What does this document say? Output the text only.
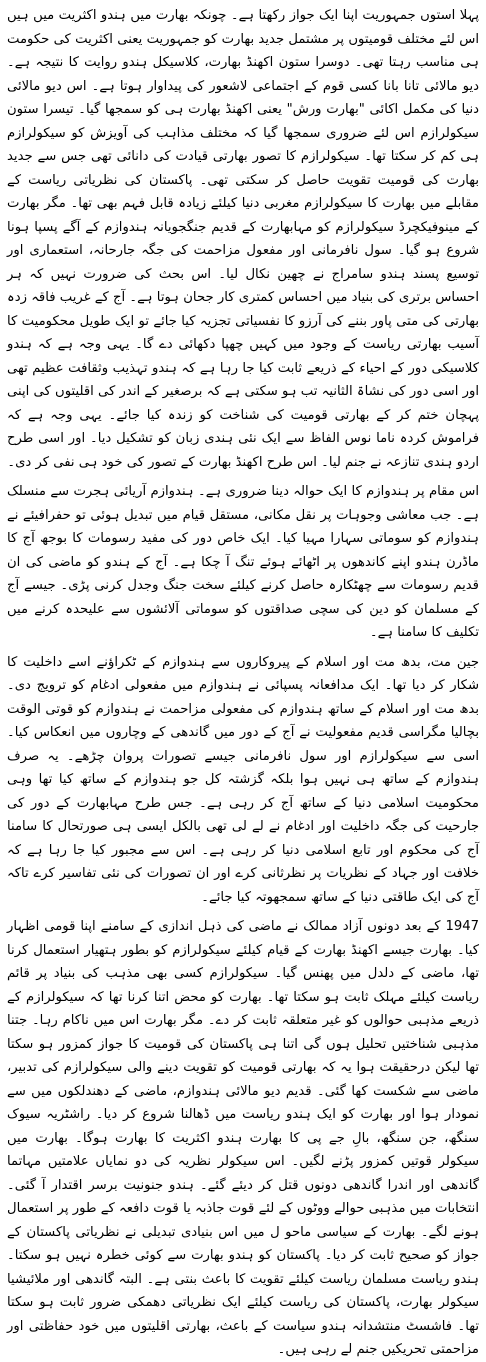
پہلا استوں جمہوریت اپنا ایک جواز رکھتا ہے۔ چونکہ بھارت میں ہندو اکثریت میں ہیں اس لئے مختلف قومیتوں پر مشتمل جدید بھارت کو جمہوریت یعنی اکثریت کی حکومت ہی مناسب رہتا تھی۔ دوسرا ستون اکھنڈ بھارت، کلاسیکل ہندو روایت کا نتیجہ ہے۔ دیو مالائی تانا بانا کسی قوم کے اجتماعی لاشعور کی پیداوار ہوتا ہے۔ اس دیو مالائی دنیا کی مکمل اکائی "بھارت ورش" یعنی اکھنڈ بھارت ہی کو سمجھا گیا۔ تیسرا ستون سیکولرازم اس لئے ضروری سمجھا گیا کہ مختلف مذاہب کی آویزش کو سیکولرازم ہی کم کر سکتا تھا۔ سیکولرازم کا تصور بھارتی قیادت کی دانائی تھی جس سے جدید بھارت کی قومیت تقویت حاصل کر سکتی تھی۔ پاکستان کی نظریاتی ریاست کے مقابلے میں بھارت کا سیکولرازم مغربی دنیا کیلئے زیادہ قابل فہم بھی تھا۔ مگر بھارت کے مینوفیکچرڈ سیکولرازم کو مہابھارت کے قدیم جنگجویانہ ہندوازم کے آگے پسپا ہونا شروع ہو گیا۔ سول نافرمانی اور مفعول مزاحمت کی جگہ جارحانہ، استعماری اور توسیع پسند ہندو سامراج نے چھین نکال لیا۔ اس بحث کی ضرورت نہیں کہ ہر احساس برتری کی بنیاد میں احساس کمتری کار جحان ہوتا ہے۔ آج کے غریب فاقہ زدہ بھارتی کی متی پاور بننے کی آرزو کا نفسیاتی تجزیہ کیا جائے تو ایک طویل محکومیت کا آسیب بھارتی ریاست کے وجود میں کہیں چھپا دکھائی دے گا۔ یہی وجہ ہے کہ ہندو کلاسیکی دور کے احیاء کے ذریعے ثابت کیا جا رہا ہے کہ ہندو تہذیب وثقافت عظیم تھی اور اسی دور کی نشاۃ الثانیہ تب ہو سکتی ہے کہ برصغیر کے اندر کی اقلیتوں کی اپنی پہچان ختم کر کے بھارتی قومیت کی شناخت کو زندہ کیا جائے۔ یہی وجہ ہے کہ فراموش کردہ ناما نوس الفاظ سے ایک نئی ہندی زبان کو تشکیل دیا۔ اور اسی طرح اردو ہندی تنازعہ نے جنم لیا۔ اس طرح اکھنڈ بھارت کے تصور کی خود ہی نفی کر دی۔

اس مقام پر ہندوازم کا ایک حوالہ دینا ضروری ہے۔ ہندوازم آریائی ہجرت سے منسلک ہے۔ جب معاشی وجوہات پر نقل مکانی، مستقل قیام میں تبدیل ہوئی تو حفرافیئے نے ہندوازم کو سوماتی سہارا مہیا کیا۔ ایک خاص دور کی مفید رسومات کا بوجھ آج کا ماڈرن ہندو اپنے کاندھوں پر اٹھائے ہوئے تنگ آ چکا ہے۔ آج کے ہندو کو ماضی کی ان قدیم رسومات سے چھٹکارہ حاصل کرنے کیلئے سخت جنگ وجدل کرنی پڑی۔ جیسے آج کے مسلمان کو دین کی سچی صداقتوں کو سوماتی آلائشوں سے علیحدہ کرنے میں تکلیف کا سامنا ہے۔

جین مت، بدھ مت اور اسلام کے پیروکاروں سے ہندوازم کے ٹکراؤنے اسے داخلیت کا شکار کر دیا تھا۔ ایک مدافعانہ پسپائی نے ہندوازم میں مفعولی ادغام کو ترویج دی۔ بدھ مت اور اسلام کے ساتھ ہندوازم کی مفعولی مزاحمت نے ہندوازم کو قوتی الوقت بچالیا مگراسی قدیم مفعولیت نے آج کے دور میں گاندھی کے وچاروں میں انعکاس کیا۔ اسی سے سیکولرازم اور سول نافرمانی جیسے تصورات پروان چڑھے۔ یہ صرف ہندوازم کے ساتھ ہی نہیں ہوا بلکہ گزشتہ کل جو ہندوازم کے ساتھ کیا تھا وہی محکومیت اسلامی دنیا کے ساتھ آج کر رہی ہے۔ جس طرح مہابھارت کے دور کی جارحیت کی جگہ داخلیت اور ادغام نے لے لی تھی بالکل ایسی ہی صورتحال کا سامنا آج کی محکوم اور تابع اسلامی دنیا کر رہی ہے۔ اس سے مجبور کیا جا رہا ہے کہ خلافت اور جہاد کے نظریات پر نظرثانی کرے اور ان تصورات کی نئی تفاسیر کرے تاکہ آج کی ایک طاقتی دنیا کے ساتھ سمجھوتہ کیا جائے۔

1947 کے بعد دونوں آزاد ممالک نے ماضی کی ذہل اندازی کے سامنے اپنا قومی اظہار کیا۔ بھارت جیسے اکھنڈ بھارت کے قیام کیلئے سیکولرازم کو بطور ہتھیار استعمال کرنا تھا، ماضی کے دلدل میں پھنس گیا۔ سیکولرازم کسی بھی مذہب کی بنیاد پر قائم ریاست کیلئے مہلک ثابت ہو سکتا تھا۔ بھارت کو محض اتنا کرنا تھا کہ سیکولرازم کے ذریعے مذہبی حوالوں کو غیر متعلقہ ثابت کر دے۔ مگر بھارت اس میں ناکام رہا۔ جتنا مذہبی شناختیں تحلیل ہوں گی اتنا ہی پاکستان کی قومیت کا جواز کمزور ہو سکتا تھا لیکن درحقیقت ہوا یہ کہ بھارتی قومیت کو تقویت دینے والی سیکولرازم کی تدبیر، ماضی سے شکست کھا گئی۔ قدیم دیو مالائی ہندوازم، ماضی کے دھندلکوں میں سے نمودار ہوا اور بھارت کو ایک ہندو ریاست میں ڈھالنا شروع کر دیا۔ راشٹریہ سیوک سنگھ، جن سنگھ، بالِ جے پی کا بھارت ہندو اکثریت کا بھارت ہوگا۔ بھارت میں سیکولر قوتیں کمزور پڑنے لگیں۔ اس سیکولر نظریہ کی دو نمایاں علامتیں مہاتما گاندھی اور اندرا گاندھی دونوں قتل کر دیئے گئے۔ ہندو جنونیت برسر اقتدار آ گئی۔ انتخابات میں مذہبی حوالے ووٹوں کے لئے قوت جاذبہ یا قوت دافعہ کے طور پر استعمال ہونے لگے۔ بھارت کے سیاسی ماحو ل میں اس بنیادی تبدیلی نے نظریاتی پاکستان کے جواز کو صحیح ثابت کر دیا۔ پاکستان کو ہندو بھارت سے کوئی خطرہ نہیں ہو سکتا۔ ہندو ریاست مسلمان ریاست کیلئے تقویت کا باعث بنتی ہے۔ البتہ گاندھی اور ملائیشیا سیکولر بھارت، پاکستان کی ریاست کیلئے ایک نظریاتی دھمکی ضرور ثابت ہو سکتا تھا۔ فاشسٹ منتشدانہ ہندو سیاست کے باعث، بھارتی اقلیتوں میں خود حفاظتی اور مزاحمتی تحریکیں جنم لے رہی ہیں۔
